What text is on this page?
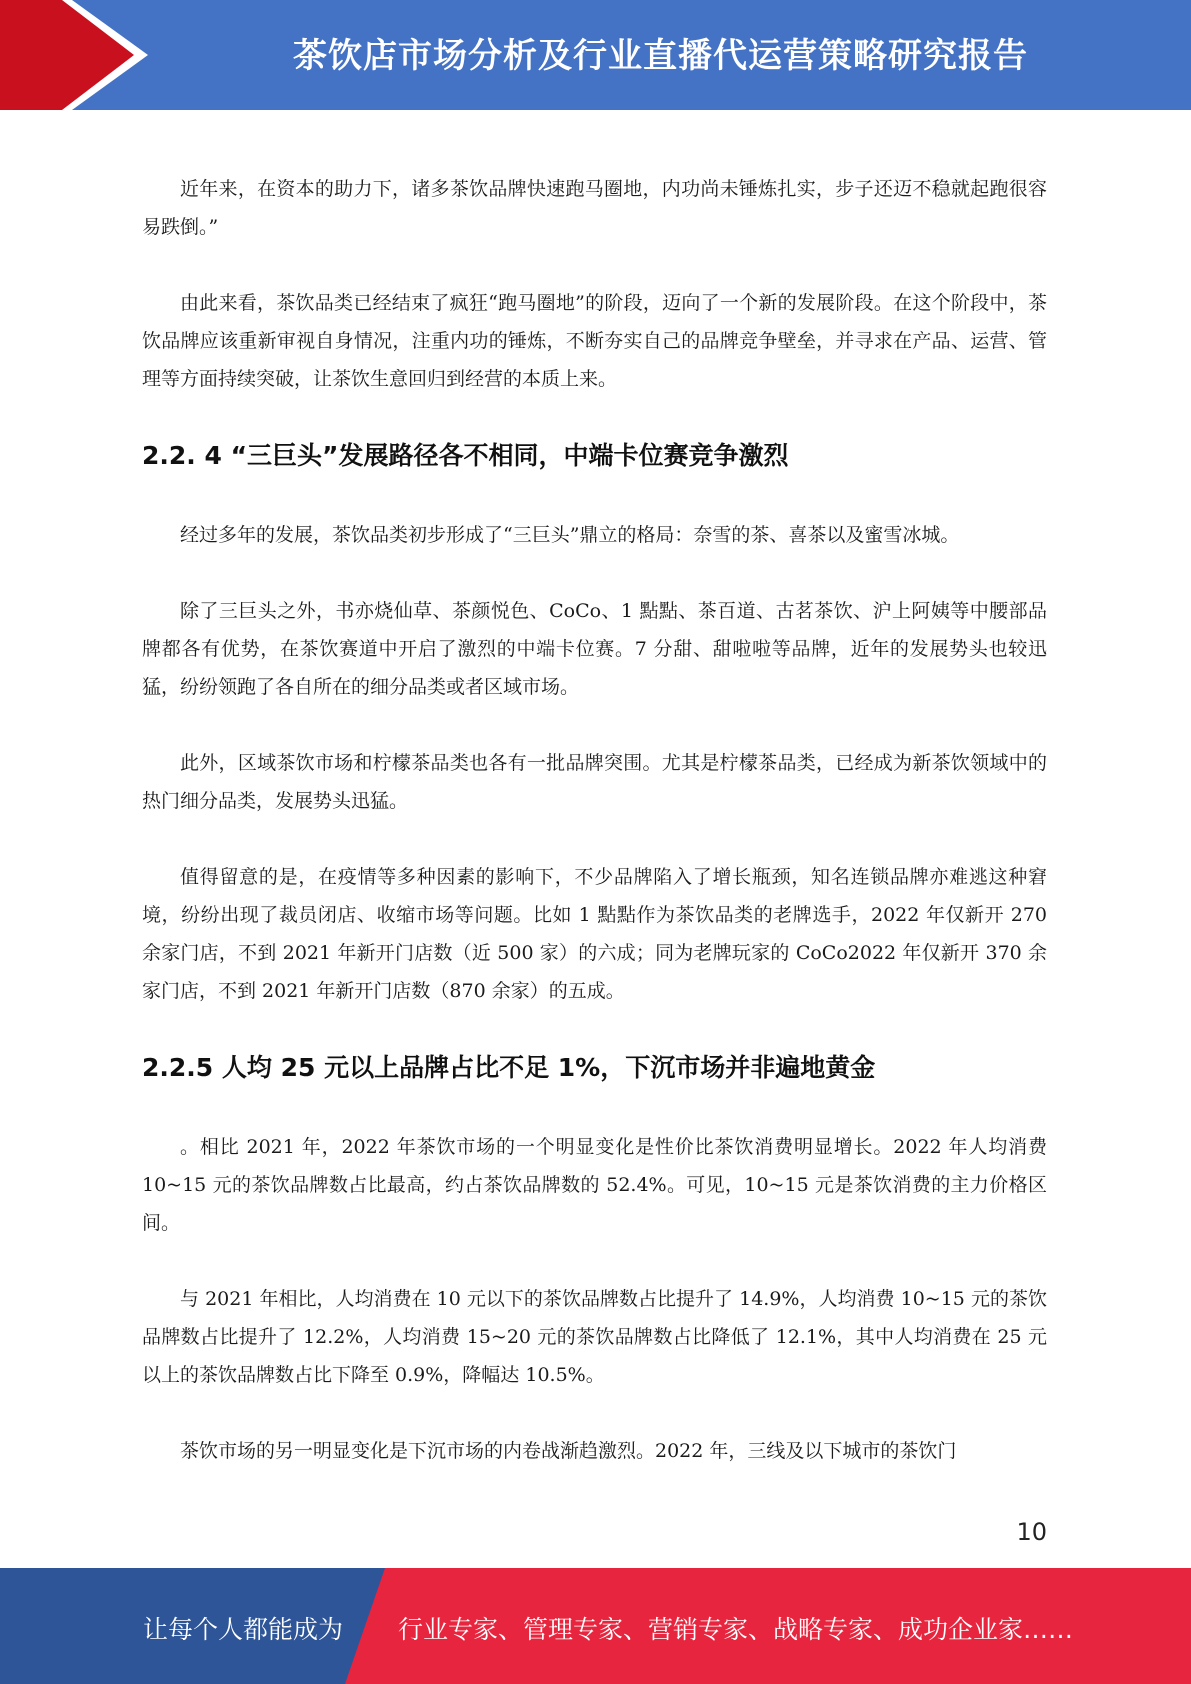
茶饮店市场分析及行业直播代运营策略研究报告

近年来，在资本的助力下，诸多茶饮品牌快速跑马圈地，内功尚未锤炼扎实，步子还迈不稳就起跑很容易跌倒。”

由此来看，茶饮品类已经结束了疯狂“跑马圈地”的阶段，迈向了一个新的发展阶段。在这个阶段中，茶饮品牌应该重新审视自身情况，注重内功的锤炼，不断夯实自己的品牌竞争壁垒，并寻求在产品、运营、管理等方面持续突破，让茶饮生意回归到经营的本质上来。

2.2. 4 “三巨头”发展路径各不相同，中端卡位赛竞争激烈

经过多年的发展，茶饮品类初步形成了“三巨头”鼎立的格局：奈雪的茶、喜茶以及蜜雪冰城。

除了三巨头之外，书亦烧仙草、茶颜悦色、CoCo、1 點點、茶百道、古茗茶饮、沪上阿姨等中腰部品牌都各有优势，在茶饮赛道中开启了激烈的中端卡位赛。7 分甜、甜啦啦等品牌，近年的发展势头也较迅猛，纷纷领跑了各自所在的细分品类或者区域市场。

此外，区域茶饮市场和柠檬茶品类也各有一批品牌突围。尤其是柠檬茶品类，已经成为新茶饮领域中的热门细分品类，发展势头迅猛。

值得留意的是，在疫情等多种因素的影响下，不少品牌陷入了增长瓶颈，知名连锁品牌亦难逃这种窘境，纷纷出现了裁员闭店、收缩市场等问题。比如 1 點點作为茶饮品类的老牌选手，2022 年仅新开 270 余家门店，不到 2021 年新开门店数（近 500 家）的六成；同为老牌玩家的 CoCo2022 年仅新开 370 余家门店，不到 2021 年新开门店数（870 余家）的五成。

2.2.5 人均 25 元以上品牌占比不足 1%，下沉市场并非遍地黄金

。相比 2021 年，2022 年茶饮市场的一个明显变化是性价比茶饮消费明显增长。2022 年人均消费 10~15 元的茶饮品牌数占比最高，约占茶饮品牌数的 52.4%。可见，10~15 元是茶饮消费的主力价格区间。

与 2021 年相比，人均消费在 10 元以下的茶饮品牌数占比提升了 14.9%，人均消费 10~15 元的茶饮品牌数占比提升了 12.2%，人均消费 15~20 元的茶饮品牌数占比降低了 12.1%，其中人均消费在 25 元以上的茶饮品牌数占比下降至 0.9%，降幅达 10.5%。

茶饮市场的另一明显变化是下沉市场的内卷战渐趋激烈。2022 年，三线及以下城市的茶饮门

10
让每个人都能成为 行业专家、管理专家、营销专家、战略专家、成功企业家……
